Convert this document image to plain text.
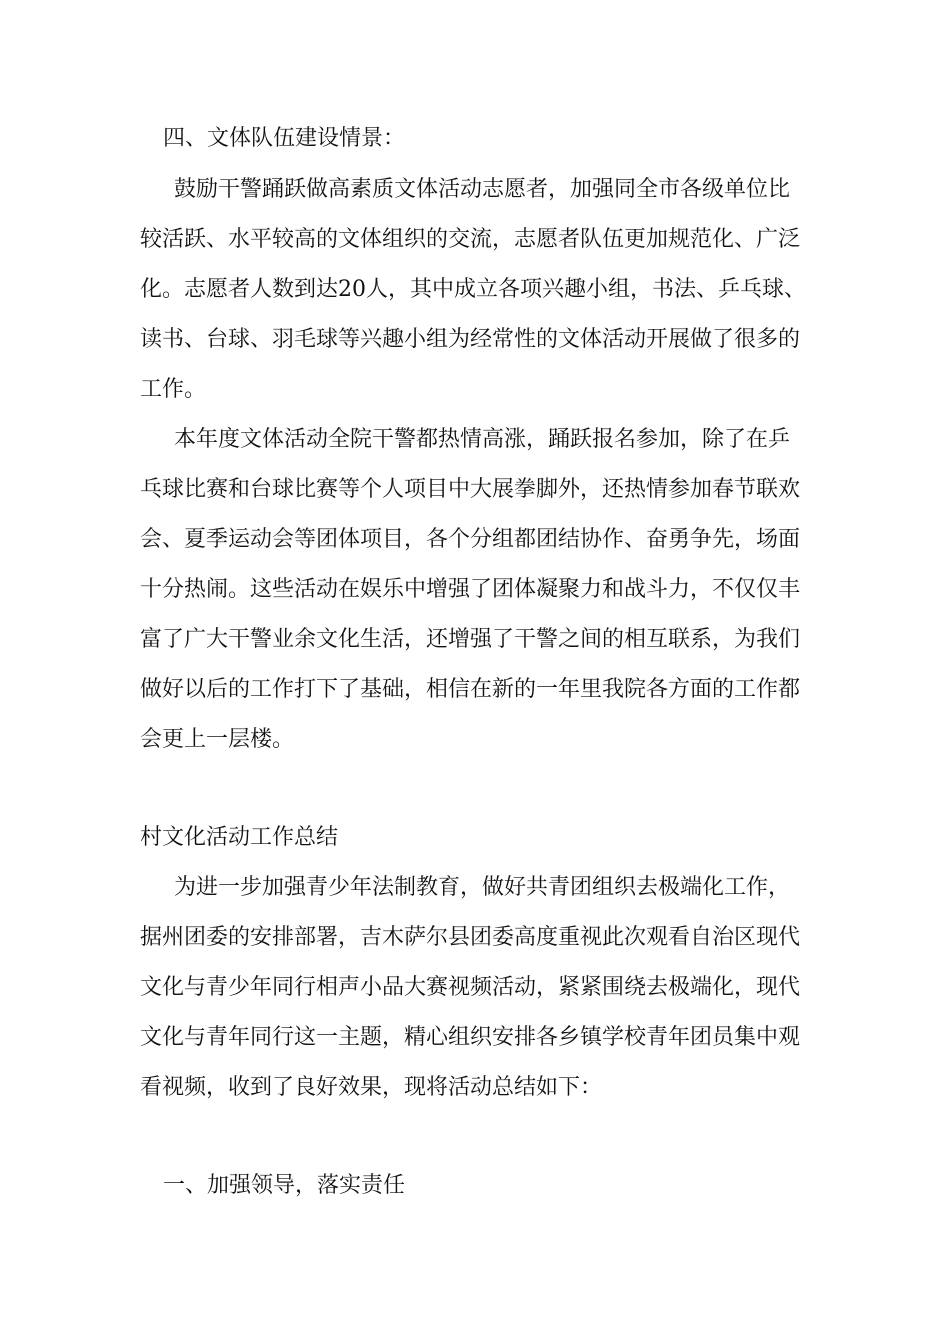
四、文体队伍建设情景：
鼓励干警踊跃做高素质文体活动志愿者，加强同全市各级单位比
较活跃、水平较高的文体组织的交流，志愿者队伍更加规范化、广泛
化。志愿者人数到达20人，其中成立各项兴趣小组，书法、乒乓球、
读书、台球、羽毛球等兴趣小组为经常性的文体活动开展做了很多的
工作。
本年度文体活动全院干警都热情高涨，踊跃报名参加，除了在乒
乓球比赛和台球比赛等个人项目中大展拳脚外，还热情参加春节联欢
会、夏季运动会等团体项目，各个分组都团结协作、奋勇争先，场面
十分热闹。这些活动在娱乐中增强了团体凝聚力和战斗力，不仅仅丰
富了广大干警业余文化生活，还增强了干警之间的相互联系，为我们
做好以后的工作打下了基础，相信在新的一年里我院各方面的工作都
会更上一层楼。
村文化活动工作总结
为进一步加强青少年法制教育，做好共青团组织去极端化工作，
据州团委的安排部署，吉木萨尔县团委高度重视此次观看自治区现代
文化与青少年同行相声小品大赛视频活动，紧紧围绕去极端化，现代
文化与青年同行这一主题，精心组织安排各乡镇学校青年团员集中观
看视频，收到了良好效果，现将活动总结如下：
一、加强领导，落实责任
